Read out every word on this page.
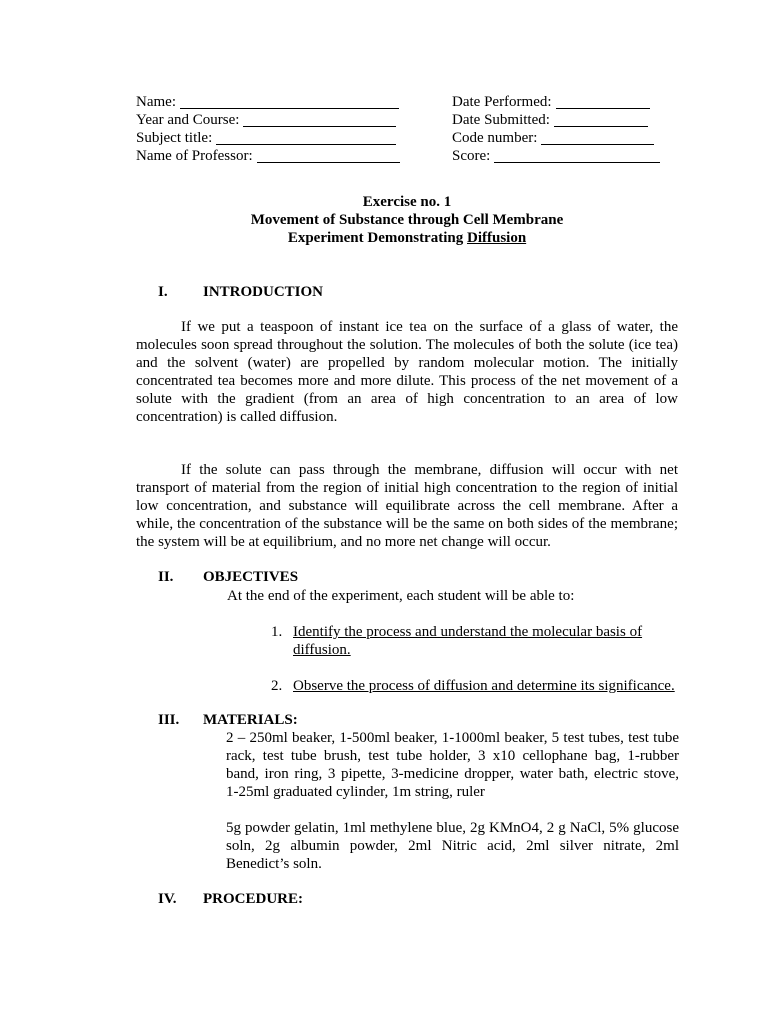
Name:
Year and Course:
Subject title:
Name of Professor:
Date Performed:
Date Submitted:
Code number:
Score:
Exercise no. 1
Movement of Substance through Cell Membrane
Experiment Demonstrating Diffusion
I.	INTRODUCTION
If we put a teaspoon of instant ice tea on the surface of a glass of water, the
molecules soon spread throughout the solution. The molecules of both the solute (ice tea)
and the solvent (water) are propelled by random molecular motion. The initially
concentrated tea becomes more and more dilute. This process of the net movement of a
solute with the gradient (from an area of high concentration to an area of low
concentration) is called diffusion.
If the solute can pass through the membrane, diffusion will occur with net
transport of material from the region of initial high concentration to the region of initial
low concentration, and substance will equilibrate across the cell membrane. After a
while, the concentration of the substance will be the same on both sides of the membrane;
the system will be at equilibrium, and no more net change will occur.
II.	OBJECTIVES
At the end of the experiment, each student will be able to:
1. Identify the process and understand the molecular basis of
diffusion.
2. Observe the process of diffusion and determine its significance.
III.	MATERIALS:
2 – 250ml beaker, 1-500ml beaker, 1-1000ml beaker, 5 test tubes, test tube
rack, test tube brush, test tube holder, 3 x10 cellophane bag, 1-rubber
band, iron ring, 3 pipette, 3-medicine dropper, water bath, electric stove,
1-25ml graduated cylinder, 1m string, ruler
5g powder gelatin, 1ml methylene blue, 2g KMnO4, 2 g NaCl, 5% glucose
soln, 2g albumin powder, 2ml Nitric acid, 2ml silver nitrate, 2ml
Benedict’s soln.
IV.	PROCEDURE:
